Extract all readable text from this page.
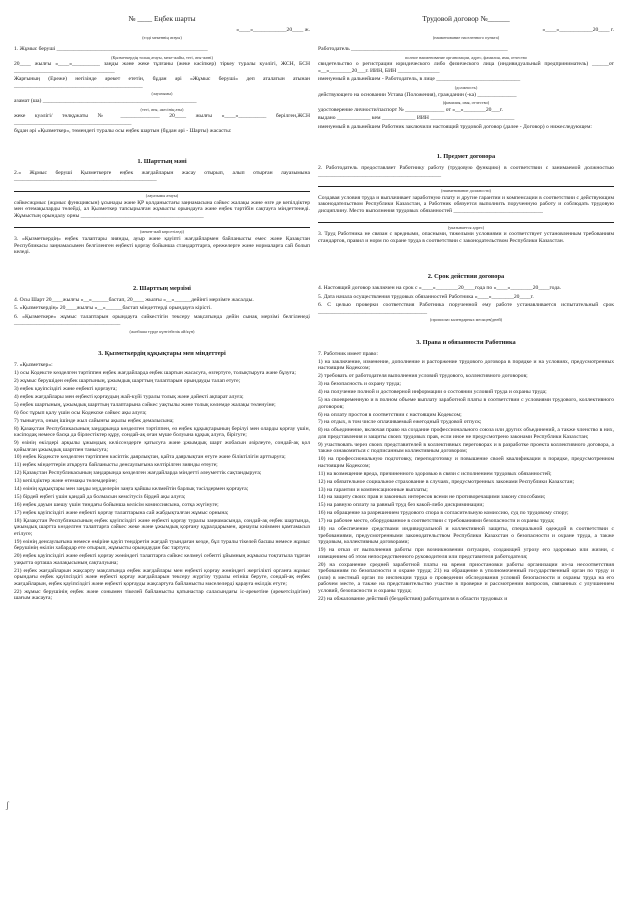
№ ____ Еңбек шарты

«____»____________20____ ж.

(елді мекеннің атауы)

1. Жұмыс беруші ______________________________________________________

(Қызметкердің толық атауы, меке-жайы, тегі, аты-жөні)

20____ жылғы «____»__________ заңды және жеке тұлғаны (жеке кәсіпкер) тіркеу туралы куәлігі, ЖСН, БСН ____________________________________

Жарғының (Ереже) негізінде әрекет ететін, бұдан әрі «Жұмыс беруші» деп аталатын атынан ______________________________________________

(лауазымы)

азамат (ша) _______________________________________________________

(тегі, аты, әкесінің аты)

жеке куәлігі/ төлқұжаты № ______________ 20____ жылғы «____»__________ берілген,ЖСН __________________________________________

бұдан әрі «Қызметкер», төмендегі туралы осы еңбек шартын (бұдан әрі - Шарты) жасасты:

1. Шарттың мәні

2.« Жұмыс беруші Қызметкерге еңбек жағдайларын жасау отырып, алып отырған лауазымына ___________________________________________________

(лауазымы атауы)

сәйкесжұмыс (жұмыс функциясын) ұсынады және ҚР қолданыстағы заңнамасына сәйкес жалақы және өзге де кепілдіктер мен өтемақыларды төлейді, ал Қызметкер тапсырылған жұмысты орындауға және еңбек тәртібін сақтауға міндеттенеді. Жұмыстың орындалу орны ____________________________________________

(мекен-жай көрсетіледі)

3. «Қызметкердің» еңбек талаптары зиянды, ауыр және қауіпті жағдайлармен байланысты емес және Қазақстан Республикасы заңнамасымен белгіленген еңбекті қорғау бойынша стандарттарға, ережелерге және нормаларға сай болып келеді.

2. Шарттың мерзімі

4. Осы Шарт 20____жылғы «__»______бастап, 20____ жылғы «__»______дейінгі мерзімге жасалды.

5. «Қызметкердің» 20____жылғы «__»______бастап міндеттерді орындауға кірісті.

6. «Қызметкере» жұмыс талаптарын орындауға сәйкестігін тексеру мақсатында дейін сынақ мерзімі белгіленеді ______________________________________

(жазбаша түрде күнтізбелік ай/күн)

3. Қызметкердің құқықтары мен міндеттері

7. «Қызметкер»:

1) осы Кодексте көзделген тәртіппен еңбек жағдайларда еңбек шартын жасасуға, өзгертуге, толықтыруға және бұзуға;

2) жұмыс берушіден еңбек шартының, ұжымдық шарттың талаптарын орындауды талап етуге;

3) еңбек қауіпсіздігі және еңбекті қорғауға;

4) еңбек жағдайлары мен еңбекті қорғаудың жай-күйі туралы толық және дәйекті ақпарат алуға;

5) еңбек шартының, ұжымдық шарттың талаптарына сәйкес уақтылы және толық көлемде жалақы төленуіне;

6) бос тұрып қалу үшін осы Кодекске сәйкес ақы алуға;

7) тынығуға, оның ішінде жыл сайынғы ақылы еңбек демалысына;

8) Қазақстан Республикасының заңдарында көзделген тәртіппен, өз еңбек құқықтарының берілуі мен оларды қорғау үшін, кәсіподақ немесе басқа да бірлестіктер құру, сондай-ақ оған мүше болуына құқық алуға, бірігуге;

9) өзінің өкілдері арқылы ұжымдық келіссөздерге қатысуға және ұжымдық шарт жобасын әзірлеуге, сондай-ақ қол қойылған ұжымдық шартпен танысуға;

10) еңбек Кодексте көзделген тәртіппен кәсіптік даярлықтан, қайта даярлықтан өтуге және біліктілігін арттыруға;

11) еңбек міндеттерін атқаруға байланысты денсаулығына келтірілген зиянды өтеуге;

12) Қазақстан Республикасының заңдарында көзделген жағдайларда міндетті әлеуметтік сақтандыруға;

13) кепілдіктер және өтемақы төлемдеріне;

14) өзінің құқықтары мен заңды мүдделерін заңға қайшы келмейтін барлық тәсілдермен қорғауға;

15) бірдей еңбегі үшін қандай да болмасын кемсітусіз бірдей ақы алуға;

16) еңбек дауын шешу үшін тиндағы бойынша келісім комиссиясына, сотқа жүгінуге;

17) еңбек қауіпсіздігі және еңбекті қорғау талаптарына сай жабдықталған жұмыс орнына;

18) Қазақстан Республикасының еңбек қауіпсіздігі және еңбекті қорғау туралы заңнамасында, сондай-ақ еңбек шартында, ұжымдық шартта көзделген талаптарға сәйкес жеке және ұжымдық қорғану құралдарымен, арнаулы киіммен қамтамасыз етілуге;

19) өзінің денсаулығына немесе өміріне қауіп төндіретін жағдай туындаған кезде, бұл туралы тікелей басшы немесе жұмыс берушінің өкілін хабардар ете отырып, жұмысты орындаудан бас тартуға;

20) еңбек қауіпсіздігі және еңбекті қорғау жөніндегі талаптарға сәйкес келмеуі себепті ұйымның жұмысы тоқтатыла тұрған уақытта орташа жалақысының сақталуына;

21) еңбек жағдайларын жақсарту мақсатында еңбек жағдайлары мен еңбекті қорғау жөніндегі жергілікті органға жұмыс орындағы еңбек қауіпсіздігі және еңбекті қорғау жағдайларын тексеру жүргізу туралы өтініш беруге, сондай-ақ еңбек жағдайларын, еңбек қауіпсіздігі және еңбекті қорғауды жақсартуға байланысты мәселелерді қарауға өкілдік етуге;

22) жұмыс берушінің еңбек және сонымен тікелей байланысты қатынастар саласындағы іс-әрекетіне (әрекетсіздігіне) шағым жасауға;

Трудовой договор №______

«____»____________20____ г.

(наименование населенного пункта)

Работодатель ________________________________________________________

полное наименование организации, адрес, фамилия, имя, отчество

свидетельство о регистрации юридического либо физического лица (индивидуальный предприниматель) ______от «__»________20___г. ИИН, БИН _______________

именуемый в дальнейшем - Работодатель, в лице ______________________________

(должность)

действующего на основании Устава (Положения), гражданин (-ка) ______________

(фамилия, имя, отчество)

удостоверение личности/паспорт № ______________ от «__»________20___г.

выдано ____________ кем ____________ ИИН ______________________________

именуемый в дальнейшем Работник заключили настоящий трудовой договор (далее - Договор) о нижеследующем:

1. Предмет договора

2. Работодатель предоставляет Работнику работу (трудовую функцию) в соответствии с занимаемой должностью ____________________________________________

(наименование должности)

Создавая условия труда и выплачивает заработную плату и другие гарантии и компенсации в соответствии с действующим законодательством Республики Казахстан, а Работник обязуется выполнить порученную работу и соблюдать трудовую дисциплину. Место выполнения трудовых обязанностей ________________________________

(указывается адрес)

3. Труд Работника не связан с вредными, опасными, тяжелыми условиями и соответствует установленным требованиям стандартов, правил и норм по охране труда в соответствии с законодательством Республики Казахстан.

2. Срок действия договора

4. Настоящий договор заключен на срок с «____»________20____года по «____»________20____года.

5. Дата начала осуществления трудовых обязанностей Работника «____»________20____г.

6. С целью проверки соответствия Работника порученной ему работе устанавливается испытательный срок _______________________________________

(прописью календарных месяцев(дней)

3. Права и обязанности Работника

7. Работник имеет право:

1) на заключение, изменение, дополнение и расторжение трудового договора в порядке и на условиях, предусмотренных настоящим Кодексом;

2) требовать от работодателя выполнения условий трудового, коллективного договоров;

3) на безопасность и охрану труда;

4) на получение полной и достоверной информации о состоянии условий труда и охраны труда;

5) на своевременную и в полном объеме выплату заработной платы в соответствии с условиями трудового, коллективного договоров;

6) на оплату простоя в соответствии с настоящим Кодексом;

7) на отдых, в том числе оплачиваемый ежегодный трудовой отпуск;

8) на объединение, включая право на создание профессионального союза или других объединений, а также членство в них, для представления и защиты своих трудовых прав, если иное не предусмотрено законами Республики Казахстан;

9) участвовать через своих представителей в коллективных переговорах и в разработке проекта коллективного договора, а также ознакомиться с подписанным коллективным договором;

10) на профессиональную подготовку, переподготовку и повышение своей квалификации в порядке, предусмотренном настоящим Кодексом;

11) на возмещение вреда, причиненного здоровью в связи с исполнением трудовых обязанностей;

12) на обязательное социальное страхование в случаях, предусмотренных законами Республики Казахстан;

13) на гарантии и компенсационные выплаты;

14) на защиту своих прав и законных интересов всеми не противоречащими закону способами;

15) на равную оплату за равный труд без какой-либо дискриминации;

16) на обращение за разрешением трудового спора в согласительную комиссию, суд по трудовому спору;

17) на рабочее место, оборудованное в соответствии с требованиями безопасности и охраны труда;

18) на обеспечение средствами индивидуальной и коллективной защиты, специальной одеждой в соответствии с требованиями, предусмотренными законодательством Республики Казахстан о безопасности и охране труда, а также трудовым, коллективным договорами;

19) на отказ от выполнения работы при возникновении ситуации, создающей угрозу его здоровью или жизни, с извещением об этом непосредственного руководителя или представителя работодателя;

20) на сохранение средней заработной платы на время приостановки работы организации из-за несоответствия требованиям по безопасности и охране труда; 21) на обращение в уполномоченный государственный орган по труду и (или) в местный орган по инспекции труда о проведении обследования условий безопасности и охраны труда на его рабочем месте, а также на представительство участие в проверке и рассмотрении вопросов, связанных с улучшением условий, безопасности и охраны труда;

22) на обжалование действий (бездействия) работодателя в области трудовых и

ʃ
